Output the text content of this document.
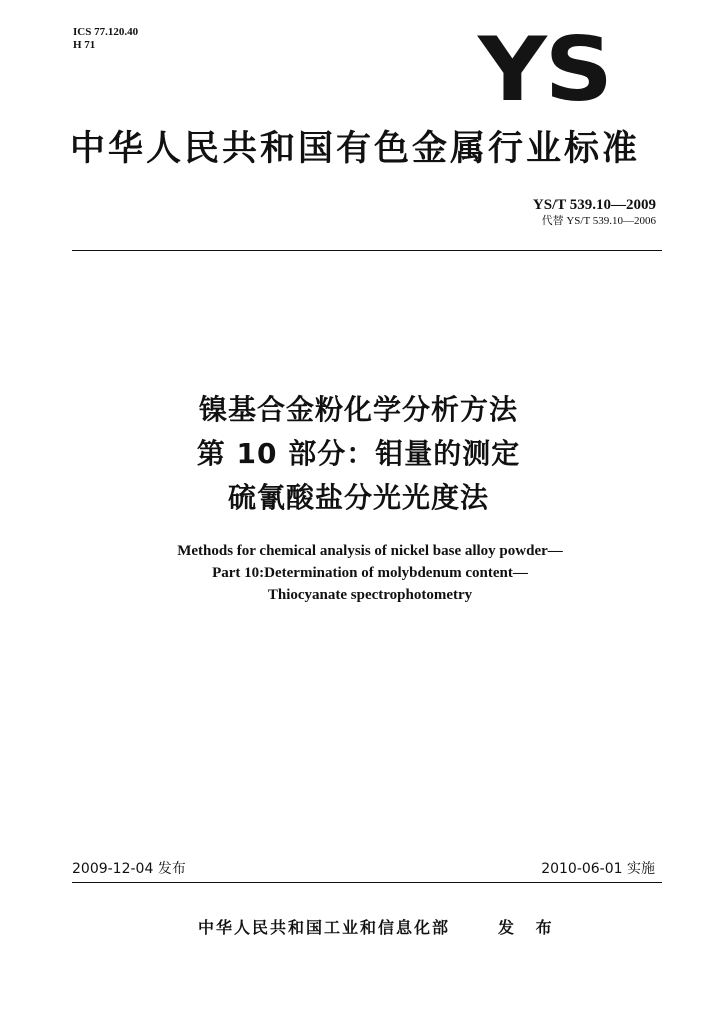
ICS 77.120.40
H 71	YS
中华人民共和国有色金属行业标准
YS/T 539.10—2009
代替 YS/T 539.10—2006
镍基合金粉化学分析方法
第 10 部分：钼量的测定
硫氰酸盐分光光度法
Methods for chemical analysis of nickel base alloy powder—
Part 10:Determination of molybdenum content—
Thiocyanate spectrophotometry
2009-12-04 发布	2010-06-01 实施
中华人民共和国工业和信息化部	发 布
